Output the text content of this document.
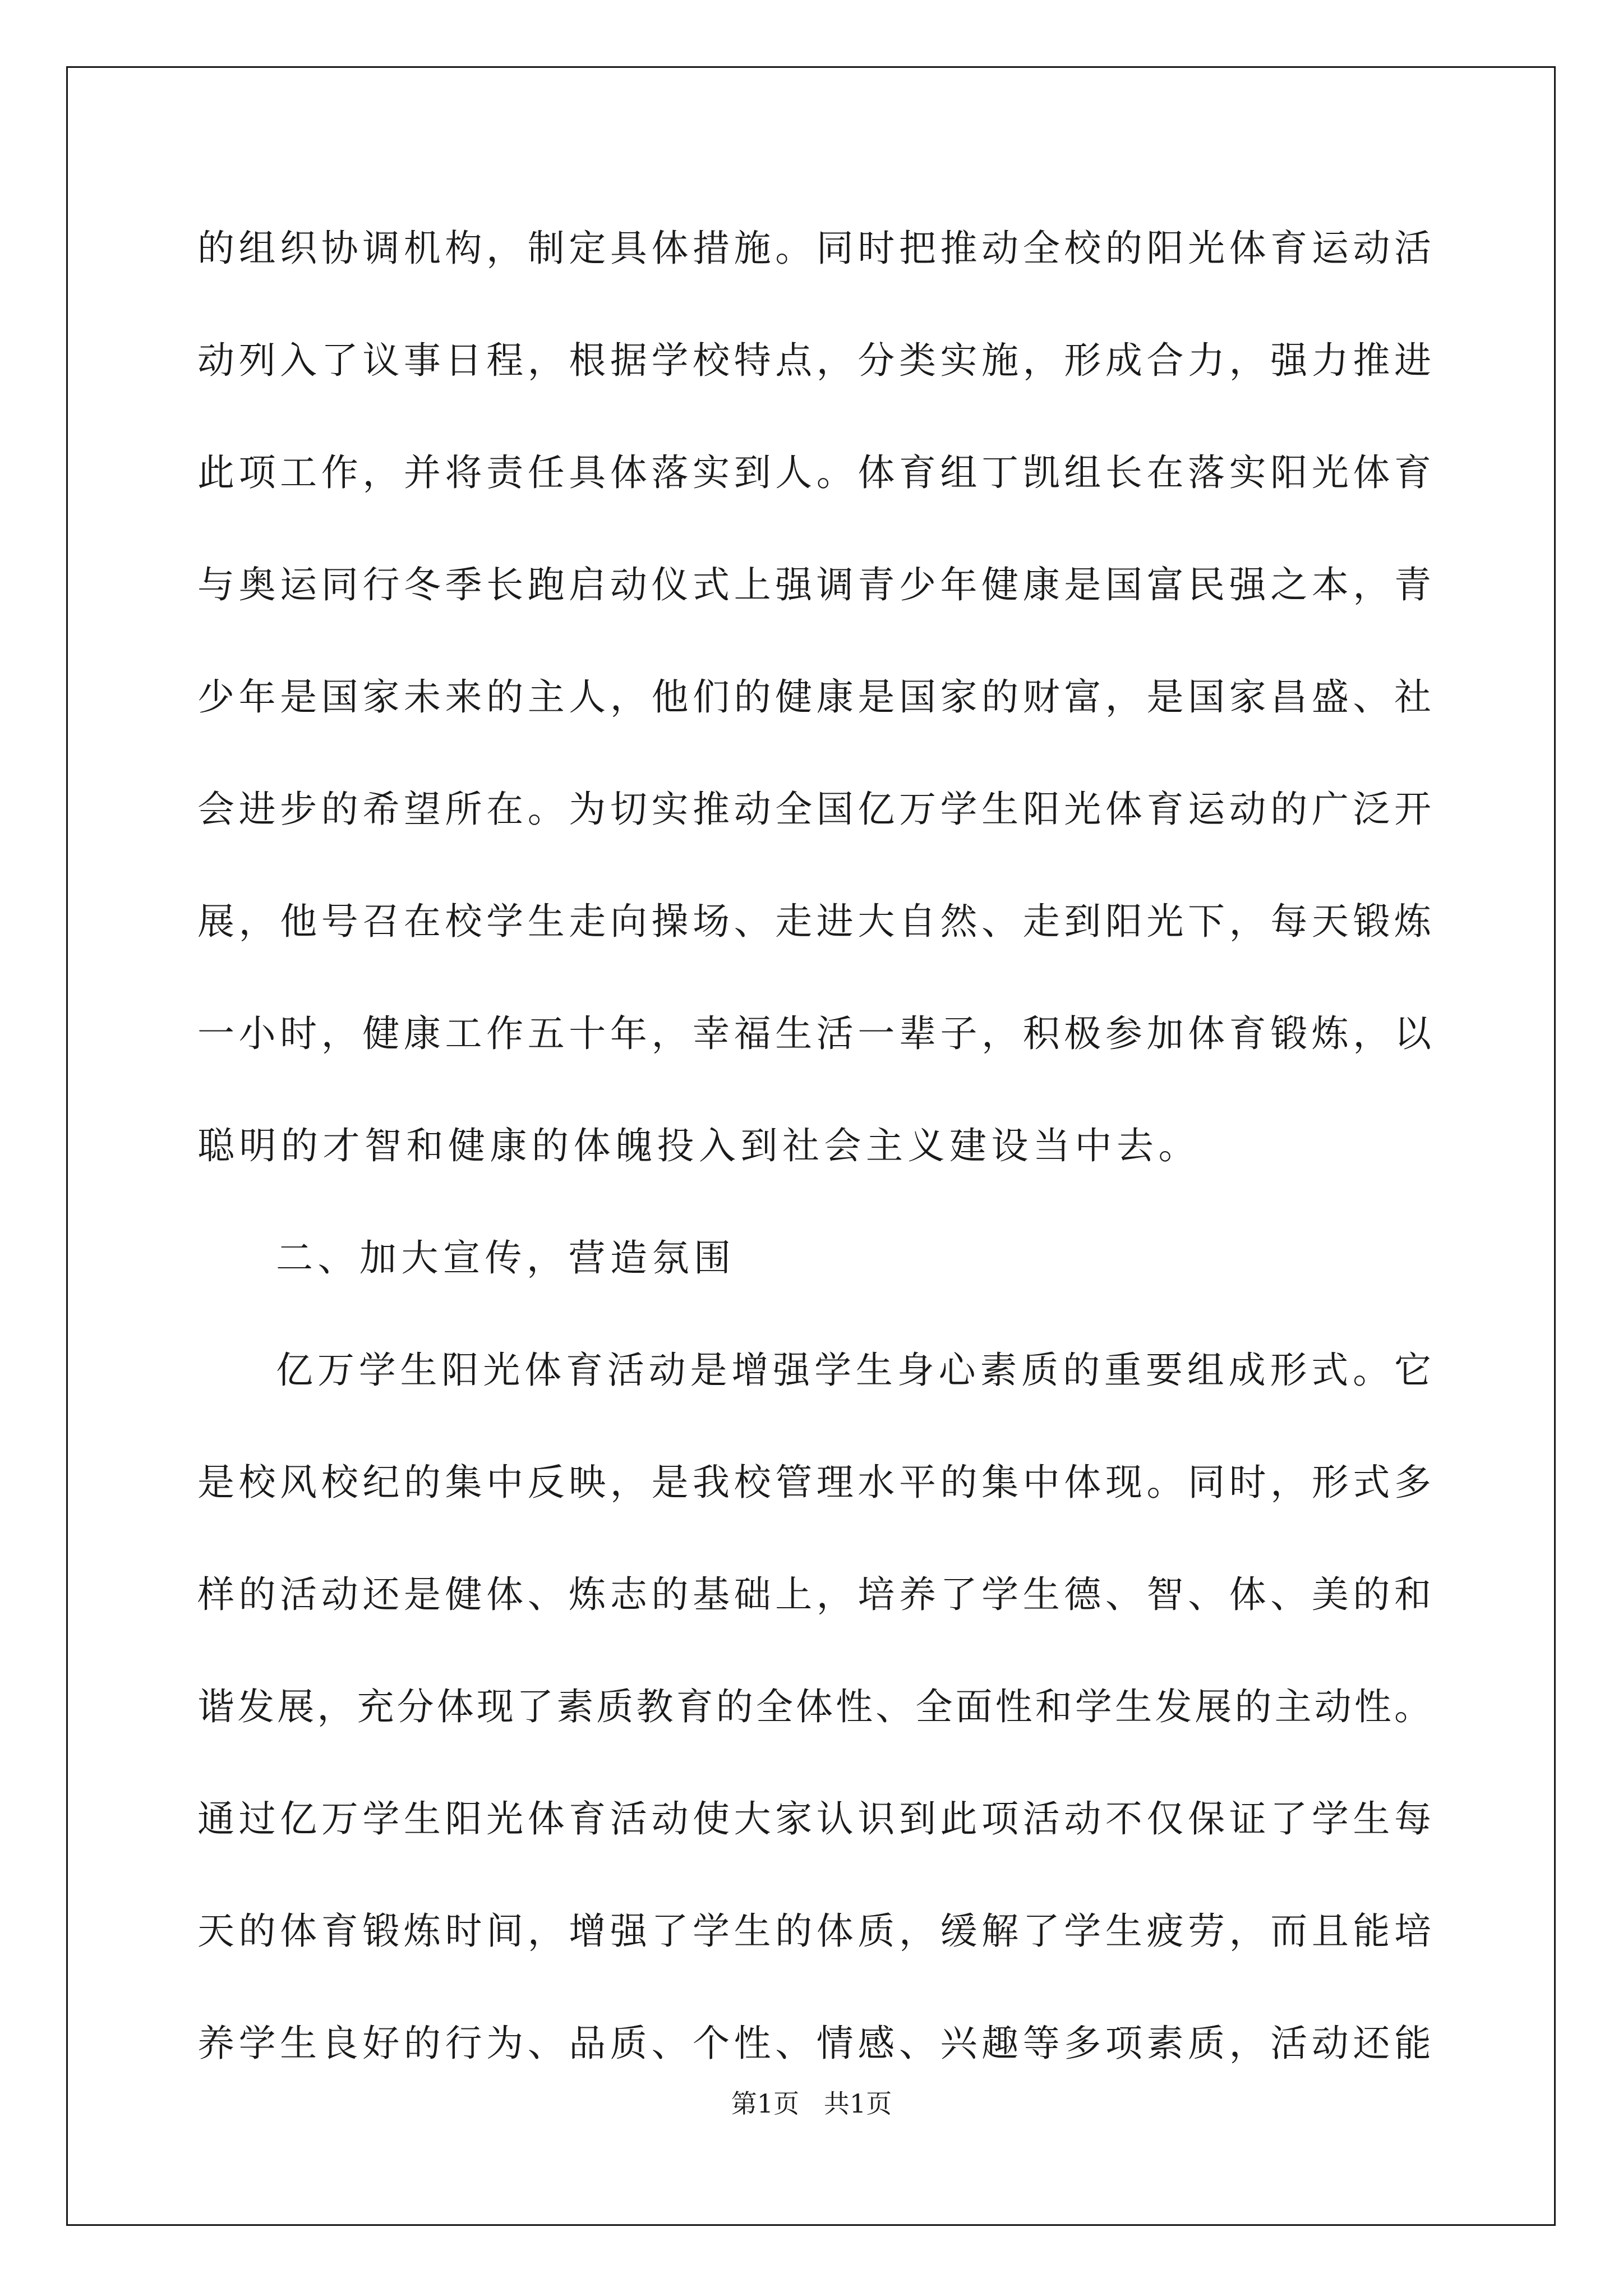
的组织协调机构，制定具体措施。同时把推动全校的阳光体育运动活
动列入了议事日程，根据学校特点，分类实施，形成合力，强力推进
此项工作，并将责任具体落实到人。体育组丁凯组长在落实阳光体育
与奥运同行冬季长跑启动仪式上强调青少年健康是国富民强之本，青
少年是国家未来的主人，他们的健康是国家的财富，是国家昌盛、社
会进步的希望所在。为切实推动全国亿万学生阳光体育运动的广泛开
展，他号召在校学生走向操场、走进大自然、走到阳光下，每天锻炼
一小时，健康工作五十年，幸福生活一辈子，积极参加体育锻炼，以
聪明的才智和健康的体魄投入到社会主义建设当中去。
二、加大宣传，营造氛围
亿万学生阳光体育活动是增强学生身心素质的重要组成形式。它
是校风校纪的集中反映，是我校管理水平的集中体现。同时，形式多
样的活动还是健体、炼志的基础上，培养了学生德、智、体、美的和
谐发展，充分体现了素质教育的全体性、全面性和学生发展的主动性。
通过亿万学生阳光体育活动使大家认识到此项活动不仅保证了学生每
天的体育锻炼时间，增强了学生的体质，缓解了学生疲劳，而且能培
养学生良好的行为、品质、个性、情感、兴趣等多项素质，活动还能
第1页   共1页
